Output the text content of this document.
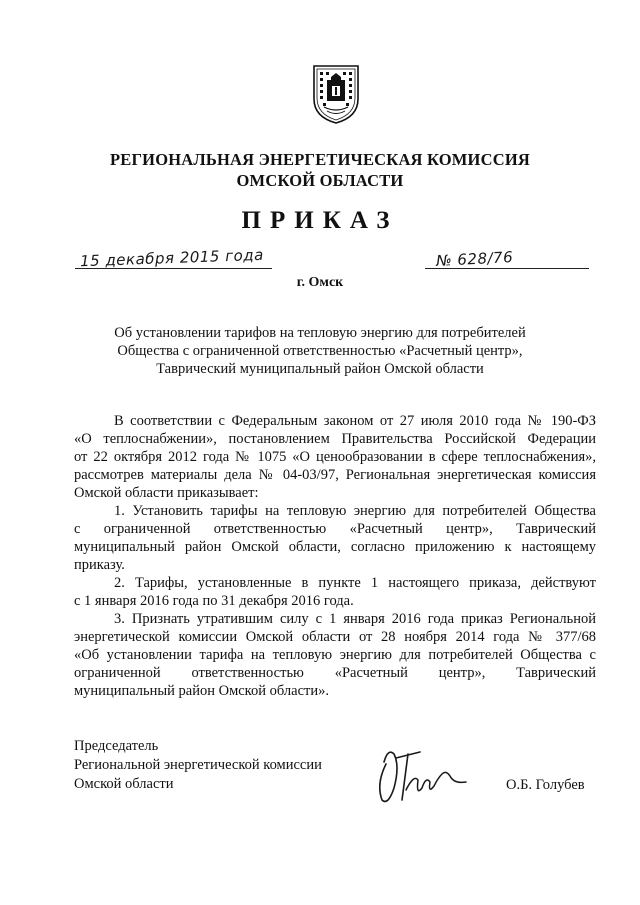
РЕГИОНАЛЬНАЯ ЭНЕРГЕТИЧЕСКАЯ КОМИССИЯ
ОМСКОЙ ОБЛАСТИ
ПРИКАЗ
15 декабря 2015 года	№ 628/76
г. Омск
Об установлении тарифов на тепловую энергию для потребителей
Общества с ограниченной ответственностью «Расчетный центр»,
Таврический муниципальный район Омской области
В соответствии с Федеральным законом от 27 июля 2010 года № 190-ФЗ
«О теплоснабжении», постановлением Правительства Российской Федерации
от 22 октября 2012 года № 1075 «О ценообразовании в сфере теплоснабжения»,
рассмотрев материалы дела № 04-03/97, Региональная энергетическая комиссия
Омской области приказывает:
1. Установить тарифы на тепловую энергию для потребителей Общества
с ограниченной ответственностью «Расчетный центр», Таврический
муниципальный район Омской области, согласно приложению к настоящему
приказу.
2. Тарифы, установленные в пункте 1 настоящего приказа, действуют
с 1 января 2016 года по 31 декабря 2016 года.
3. Признать утратившим силу с 1 января 2016 года приказ Региональной
энергетической комиссии Омской области от 28 ноября 2014 года № 377/68
«Об установлении тарифа на тепловую энергию для потребителей Общества с
ограниченной ответственностью «Расчетный центр», Таврический
муниципальный район Омской области».
Председатель
Региональной энергетической комиссии
Омской области	О.Б. Голубев
